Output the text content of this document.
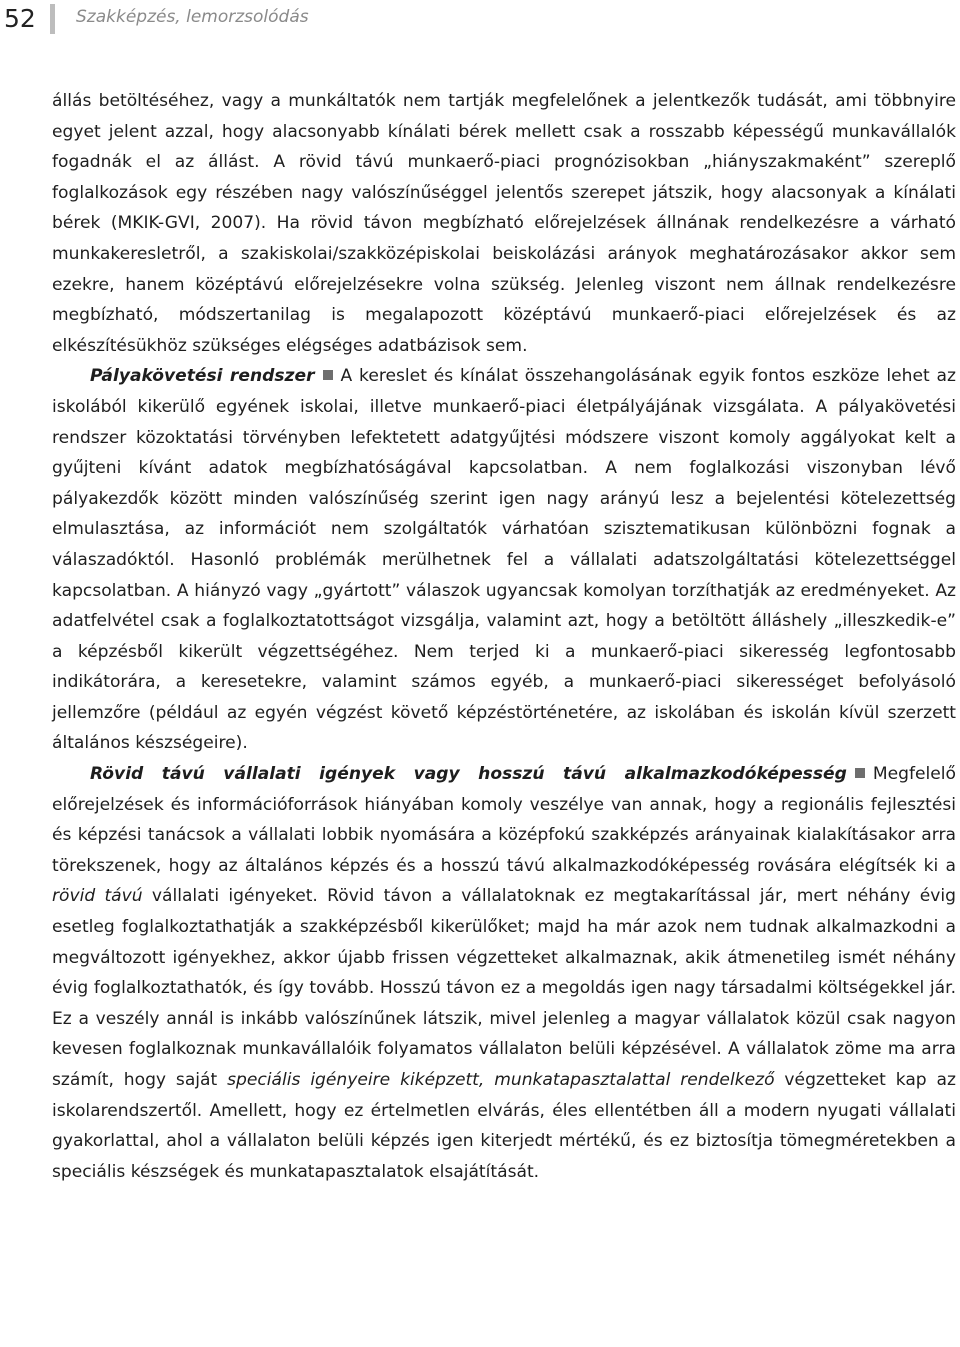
52 Szakképzés, lemorzsolódás

állás betöltéséhez, vagy a munkáltatók nem tartják megfelelőnek a jelentkezők tudását, ami többnyire egyet jelent azzal, hogy alacsonyabb kínálati bérek mellett csak a rosszabb képességű munkavállalók fogadnák el az állást. A rövid távú munkaerő-piaci prognózisokban „hiányszakmaként” szereplő foglalkozások egy részében nagy valószínűséggel jelentős szerepet játszik, hogy alacsonyak a kínálati bérek (MKIK-GVI, 2007). Ha rövid távon megbízható előrejelzések állnának rendelkezésre a várható munkakeresletről, a szakiskolai/szakközépiskolai beiskolázási arányok meghatározásakor akkor sem ezekre, hanem középtávú előrejelzésekre volna szükség. Jelenleg viszont nem állnak rendelkezésre megbízható, módszertanilag is megalapozott középtávú munkaerő-piaci előrejelzések és az elkészítésükhöz szükséges elégséges adatbázisok sem.

Pályakövetési rendszer A kereslet és kínálat összehangolásának egyik fontos eszköze lehet az iskolából kikerülő egyének iskolai, illetve munkaerő-piaci életpályájának vizsgálata. A pályakövetési rendszer közoktatási törvényben lefektetett adatgyűjtési módszere viszont komoly aggályokat kelt a gyűjteni kívánt adatok megbízhatóságával kapcsolatban. A nem foglalkozási viszonyban lévő pályakezdők között minden valószínűség szerint igen nagy arányú lesz a bejelentési kötelezettség elmulasztása, az információt nem szolgáltatók várhatóan szisztematikusan különbözni fognak a válaszadóktól. Hasonló problémák merülhetnek fel a vállalati adatszolgáltatási kötelezettséggel kapcsolatban. A hiányzó vagy „gyártott” válaszok ugyancsak komolyan torzíthatják az eredményeket. Az adatfelvétel csak a foglalkoztatottságot vizsgálja, valamint azt, hogy a betöltött álláshely „illeszkedik-e” a képzésből kikerült végzettségéhez. Nem terjed ki a munkaerő-piaci sikeresség legfontosabb indikátorára, a keresetekre, valamint számos egyéb, a munkaerő-piaci sikerességet befolyásoló jellemzőre (például az egyén végzést követő képzéstörténetére, az iskolában és iskolán kívül szerzett általános készségeire).

Rövid távú vállalati igények vagy hosszú távú alkalmazkodóképesség Megfelelő előrejelzések és információforrások hiányában komoly veszélye van annak, hogy a regionális fejlesztési és képzési tanácsok a vállalati lobbik nyomására a középfokú szakképzés arányainak kialakításakor arra törekszenek, hogy az általános képzés és a hosszú távú alkalmazkodóképesség rovására elégítsék ki a rövid távú vállalati igényeket. Rövid távon a vállalatoknak ez megtakarítással jár, mert néhány évig esetleg foglalkoztathatják a szakképzésből kikerülőket; majd ha már azok nem tudnak alkalmazkodni a megváltozott igényekhez, akkor újabb frissen végzetteket alkalmaznak, akik átmenetileg ismét néhány évig foglalkoztathatók, és így tovább. Hosszú távon ez a megoldás igen nagy társadalmi költségekkel jár. Ez a veszély annál is inkább valószínűnek látszik, mivel jelenleg a magyar vállalatok közül csak nagyon kevesen foglalkoznak munkavállalóik folyamatos vállalaton belüli képzésével. A vállalatok zöme ma arra számít, hogy saját speciális igényeire kiképzett, munkatapasztalattal rendelkező végzetteket kap az iskolarendszertől. Amellett, hogy ez értelmetlen elvárás, éles ellentétben áll a modern nyugati vállalati gyakorlattal, ahol a vállalaton belüli képzés igen kiterjedt mértékű, és ez biztosítja tömegméretekben a speciális készségek és munkatapasztalatok elsajátítását.
